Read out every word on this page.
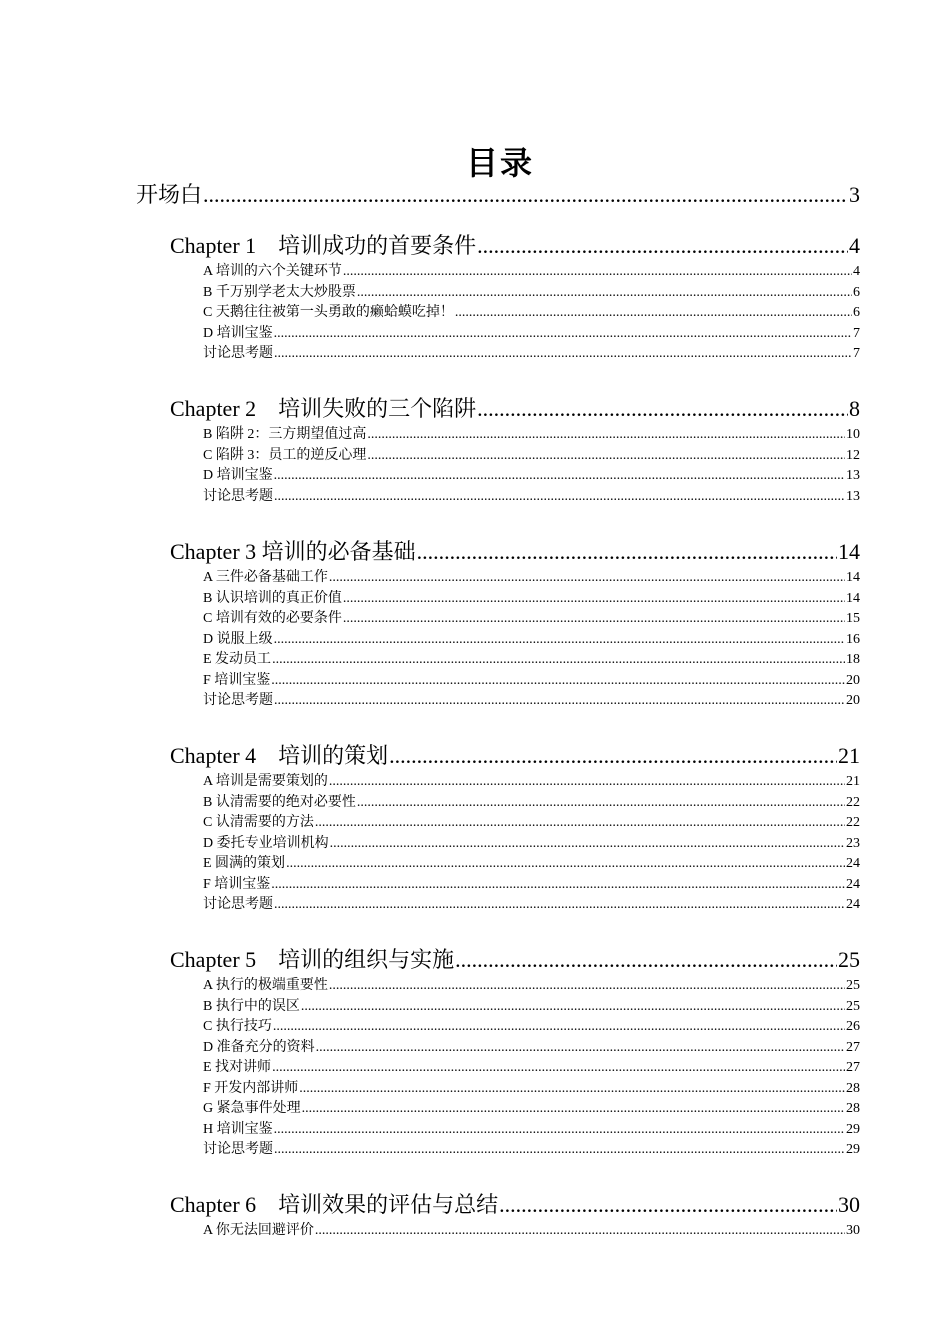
目录
开场白 .....	3
Chapter 1　培训成功的首要条件 .....	4
A 培训的六个关键环节 .....	4
B 千万别学老太大炒股票 .....	6
C 天鹅往往被第一头勇敢的癞蛤蟆吃掉！ .....	6
D 培训宝鉴 .....	7
讨论思考题 .....	7
Chapter 2　培训失败的三个陷阱 .....	8
B 陷阱 2：三方期望值过高 .....	10
C 陷阱 3：员工的逆反心理 .....	12
D 培训宝鉴 .....	13
讨论思考题 .....	13
Chapter 3 培训的必备基础 .....	14
A 三件必备基础工作 .....	14
B 认识培训的真正价值 .....	14
C 培训有效的必要条件 .....	15
D 说服上级 .....	16
E 发动员工 .....	18
F 培训宝鉴 .....	20
讨论思考题 .....	20
Chapter 4　培训的策划 .....	21
A 培训是需要策划的 .....	21
B 认清需要的绝对必要性 .....	22
C 认清需要的方法 .....	22
D 委托专业培训机构 .....	23
E 圆满的策划 .....	24
F 培训宝鉴 .....	24
讨论思考题 .....	24
Chapter 5　培训的组织与实施 .....	25
A 执行的极端重要性 .....	25
B 执行中的误区 .....	25
C 执行技巧 .....	26
D 准备充分的资料 .....	27
E 找对讲师 .....	27
F 开发内部讲师 .....	28
G 紧急事件处理 .....	28
H 培训宝鉴 .....	29
讨论思考题 .....	29
Chapter 6　培训效果的评估与总结 .....	30
A 你无法回避评价 .....	30
